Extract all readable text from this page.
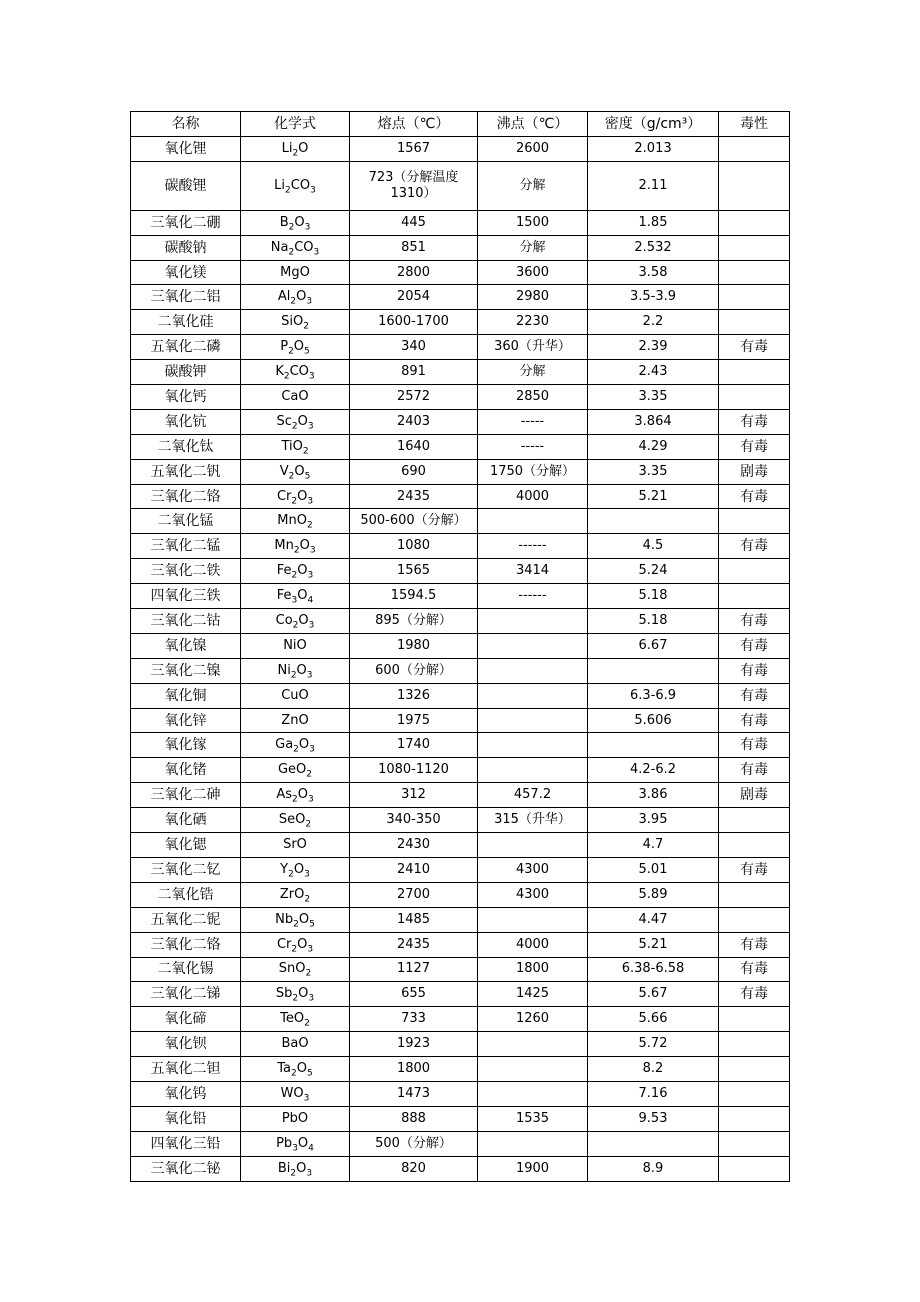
名称	化学式	熔点（℃）	沸点（℃）	密度（g/cm³）	毒性
氧化锂	$Li_2O$	1567	2600	2.013	
碳酸锂	$Li_2CO_3$	723（分解温度1310）	分解	2.11	
三氧化二硼	$B_2O_3$	445	1500	1.85	
碳酸钠	$Na_2CO_3$	851	分解	2.532	
氧化镁	MgO	2800	3600	3.58	
三氧化二铝	$Al_2O_3$	2054	2980	3.5-3.9	
二氧化硅	SiO$_2$	1600-1700	2230	2.2	
五氧化二磷	$P_2O_5$	340	360（升华）	2.39	有毒
碳酸钾	$K_2CO_3$	891	分解	2.43	
氧化钙	CaO	2572	2850	3.35	
氧化钪	$Sc_2O_3$	2403	-----	3.864	有毒
二氧化钛	TiO$_2$	1640	-----	4.29	有毒
五氧化二钒	$V_2O_5$	690	1750（分解）	3.35	剧毒
三氧化二铬	$Cr_2O_3$	2435	4000	5.21	有毒
二氧化锰	MnO$_2$	500-600（分解）			
三氧化二锰	$Mn_2O_3$	1080	------	4.5	有毒
三氧化二铁	$Fe_2O_3$	1565	3414	5.24	
四氧化三铁	$Fe_3O_4$	1594.5	------	5.18	
三氧化二钴	$Co_2O_3$	895（分解）		5.18	有毒
氧化镍	NiO	1980		6.67	有毒
三氧化二镍	$Ni_2O_3$	600（分解）			有毒
氧化铜	CuO	1326		6.3-6.9	有毒
氧化锌	ZnO	1975		5.606	有毒
氧化镓	$Ga_2O_3$	1740			有毒
氧化锗	GeO$_2$	1080-1120		4.2-6.2	有毒
三氧化二砷	$As_2O_3$	312	457.2	3.86	剧毒
氧化硒	SeO$_2$	340-350	315（升华）	3.95	
氧化锶	SrO	2430		4.7	
三氧化二钇	$Y_2O_3$	2410	4300	5.01	有毒
二氧化锆	ZrO$_2$	2700	4300	5.89	
五氧化二铌	$Nb_2O_5$	1485		4.47	
三氧化二铬	$Cr_2O_3$	2435	4000	5.21	有毒
二氧化锡	SnO$_2$	1127	1800	6.38-6.58	有毒
三氧化二锑	$Sb_2O_3$	655	1425	5.67	有毒
氧化碲	TeO$_2$	733	1260	5.66	
氧化钡	BaO	1923		5.72	
五氧化二钽	$Ta_2O_5$	1800		8.2	
氧化钨	$WO_3$	1473		7.16	
氧化铅	PbO	888	1535	9.53	
四氧化三铅	$Pb_3O_4$	500（分解）			
三氧化二铋	$Bi_2O_3$	820	1900	8.9	
